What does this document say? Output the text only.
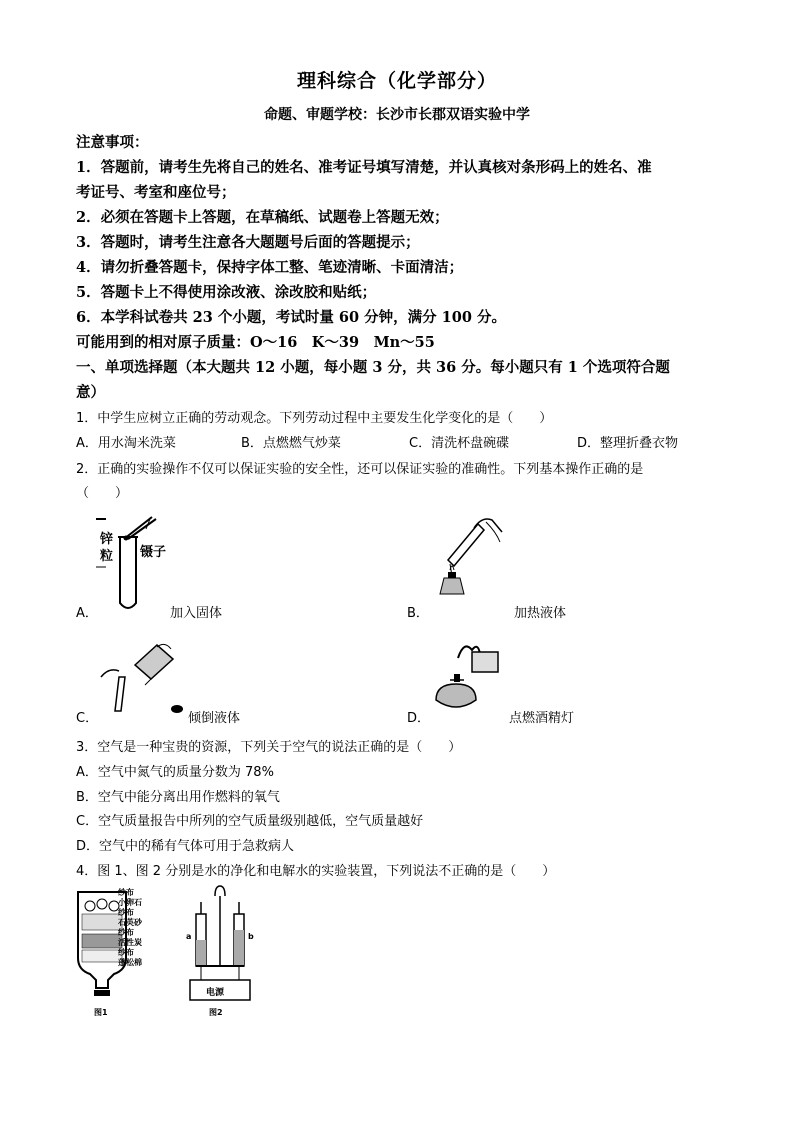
理科综合（化学部分）
命题、审题学校：长沙市长郡双语实验中学
注意事项：
1．答题前，请考生先将自己的姓名、准考证号填写清楚，并认真核对条形码上的姓名、准
考证号、考室和座位号；
2．必须在答题卡上答题，在草稿纸、试题卷上答题无效；
3．答题时，请考生注意各大题题号后面的答题提示；
4．请勿折叠答题卡，保持字体工整、笔迹清晰、卡面清洁；
5．答题卡上不得使用涂改液、涂改胶和贴纸；
6．本学科试卷共 23 个小题，考试时量 60 分钟，满分 100 分。
可能用到的相对原子质量：O～16　K～39　Mn～55
一、单项选择题（本大题共 12 小题，每小题 3 分，共 36 分。每小题只有 1 个选项符合题
意）
1．中学生应树立正确的劳动观念。下列劳动过程中主要发生化学变化的是（　　）
A．用水淘米洗菜	B．点燃燃气炒菜	C．清洗杯盘碗碟	D．整理折叠衣物
2．正确的实验操作不仅可以保证实验的安全性，还可以保证实验的准确性。下列基本操作正确的是
（　　）
锌
粒 镊子
A．	加入固体	B．	加热液体
C．	倾倒液体	D．	点燃酒精灯
3．空气是一种宝贵的资源，下列关于空气的说法正确的是（　　）
A．空气中氮气的质量分数为 78%
B．空气中能分离出用作燃料的氧气
C．空气质量报告中所列的空气质量级别越低，空气质量越好
D．空气中的稀有气体可用于急救病人
4．图 1、图 2 分别是水的净化和电解水的实验装置，下列说法不正确的是（　　）
纱布
小卵石
纱布
石英砂
纱布
活性炭
纱布
蓬松棉
图1
a	b
电源
图2
